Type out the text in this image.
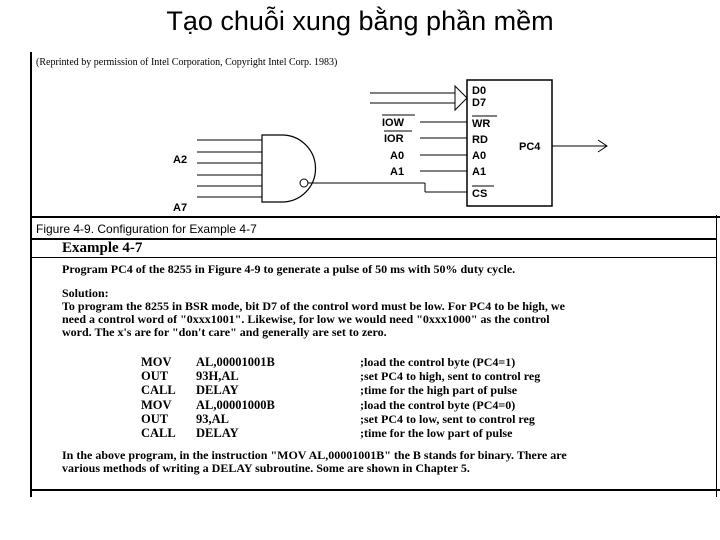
Tạo chuỗi xung bằng phần mềm
(Reprinted by permission of Intel Corporation, Copyright Intel Corp. 1983)
D0
D7
WR
RD
A0
A1
CS
IOW
IOR
A0
A1
PC4
A2
A7
Figure 4-9. Configuration for Example 4-7
Example 4-7
Program PC4 of the 8255 in Figure 4-9 to generate a pulse of 50 ms with 50% duty cycle.
Solution:
To program the 8255 in BSR mode, bit D7 of the control word must be low. For PC4 to be high, we
need a control word of "0xxx1001". Likewise, for low we would need "0xxx1000" as the control
word. The x's are for "don't care" and generally are set to zero.
MOV
OUT
CALL
MOV
OUT
CALL
AL,00001001B
93H,AL
DELAY
AL,00001000B
93,AL
DELAY
;load the control byte (PC4=1)
;set PC4 to high, sent to control reg
;time for the high part of pulse
;load the control byte (PC4=0)
;set PC4 to low, sent to control reg
;time for the low part of pulse
In the above program, in the instruction "MOV AL,00001001B" the B stands for binary. There are
various methods of writing a DELAY subroutine. Some are shown in Chapter 5.
